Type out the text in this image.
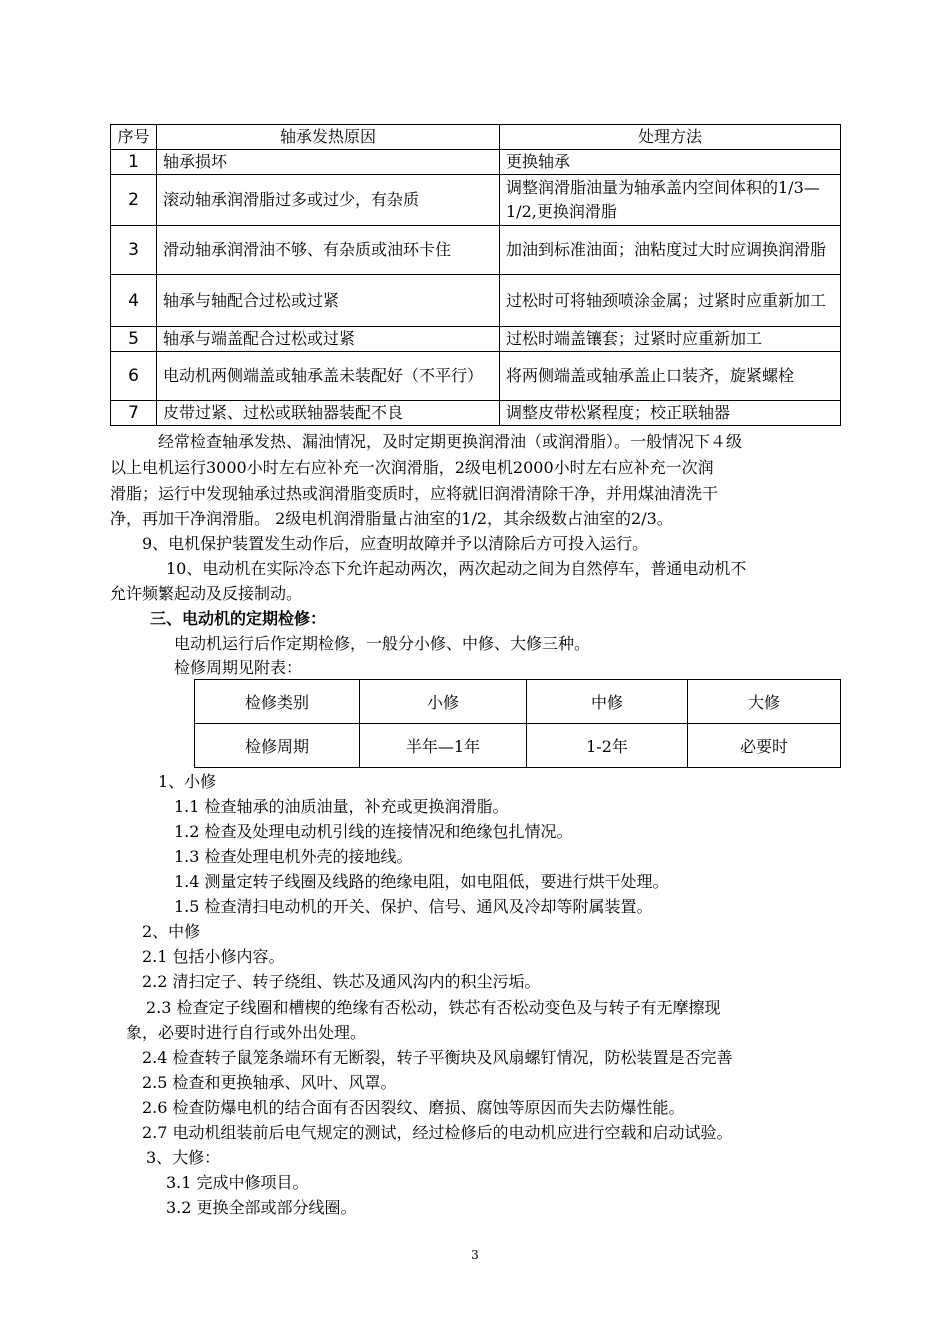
序号	轴承发热原因	处理方法
1	轴承损坏	更换轴承
2	滚动轴承润滑脂过多或过少，有杂质	调整润滑脂油量为轴承盖内空间体积的1/3—1/2,更换润滑脂
3	滑动轴承润滑油不够、有杂质或油环卡住	加油到标准油面；油粘度过大时应调换润滑脂
4	轴承与轴配合过松或过紧	过松时可将轴颈喷涂金属；过紧时应重新加工
5	轴承与端盖配合过松或过紧	过松时端盖镶套；过紧时应重新加工
6	电动机两侧端盖或轴承盖未装配好（不平行）	将两侧端盖或轴承盖止口装齐，旋紧螺栓
7	皮带过紧、过松或联轴器装配不良	调整皮带松紧程度；校正联轴器
经常检查轴承发热、漏油情况，及时定期更换润滑油（或润滑脂）。一般情况下４级
以上电机运行3000小时左右应补充一次润滑脂，2级电机2000小时左右应补充一次润
滑脂；运行中发现轴承过热或润滑脂变质时，应将就旧润滑清除干净，并用煤油清洗干
净，再加干净润滑脂。 2级电机润滑脂量占油室的1/2，其余级数占油室的2/3。
9、电机保护装置发生动作后，应查明故障并予以清除后方可投入运行。
10、电动机在实际冷态下允许起动两次，两次起动之间为自然停车，普通电动机不
允许频繁起动及反接制动。
三、电动机的定期检修：
电动机运行后作定期检修，一般分小修、中修、大修三种。
检修周期见附表：
检修类别	小修	中修	大修
检修周期	半年—1年	1-2年	必要时
1、小修
1.1 检查轴承的油质油量，补充或更换润滑脂。
1.2 检查及处理电动机引线的连接情况和绝缘包扎情况。
1.3 检查处理电机外壳的接地线。
1.4 测量定转子线圈及线路的绝缘电阻，如电阻低，要进行烘干处理。
1.5 检查清扫电动机的开关、保护、信号、通风及冷却等附属装置。
2、中修
2.1 包括小修内容。
2.2 清扫定子、转子绕组、铁芯及通风沟内的积尘污垢。
2.3 检查定子线圈和槽楔的绝缘有否松动，铁芯有否松动变色及与转子有无摩擦现
象，必要时进行自行或外出处理。
2.4 检查转子鼠笼条端环有无断裂，转子平衡块及风扇螺钉情况，防松装置是否完善
2.5 检查和更换轴承、风叶、风罩。
2.6 检查防爆电机的结合面有否因裂纹、磨损、腐蚀等原因而失去防爆性能。
2.7 电动机组装前后电气规定的测试，经过检修后的电动机应进行空载和启动试验。
3、大修：
3.1 完成中修项目。
3.2 更换全部或部分线圈。
3
